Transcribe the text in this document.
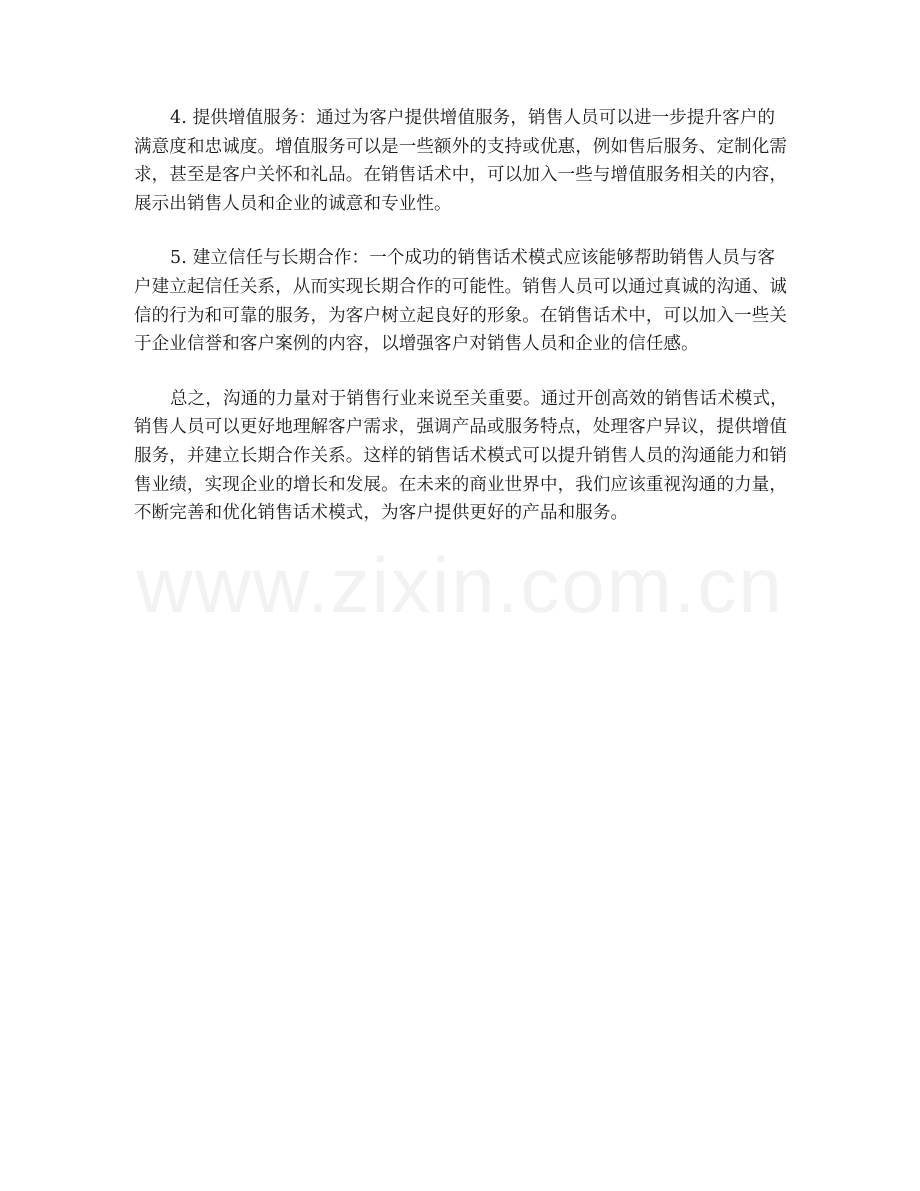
4. 提供增值服务：通过为客户提供增值服务，销售人员可以进一步提升客户的满意度和忠诚度。增值服务可以是一些额外的支持或优惠，例如售后服务、定制化需求，甚至是客户关怀和礼品。在销售话术中，可以加入一些与增值服务相关的内容，展示出销售人员和企业的诚意和专业性。

5. 建立信任与长期合作：一个成功的销售话术模式应该能够帮助销售人员与客户建立起信任关系，从而实现长期合作的可能性。销售人员可以通过真诚的沟通、诚信的行为和可靠的服务，为客户树立起良好的形象。在销售话术中，可以加入一些关于企业信誉和客户案例的内容，以增强客户对销售人员和企业的信任感。

总之，沟通的力量对于销售行业来说至关重要。通过开创高效的销售话术模式，销售人员可以更好地理解客户需求，强调产品或服务特点，处理客户异议，提供增值服务，并建立长期合作关系。这样的销售话术模式可以提升销售人员的沟通能力和销售业绩，实现企业的增长和发展。在未来的商业世界中，我们应该重视沟通的力量，不断完善和优化销售话术模式，为客户提供更好的产品和服务。

www.zixin.com.cn
